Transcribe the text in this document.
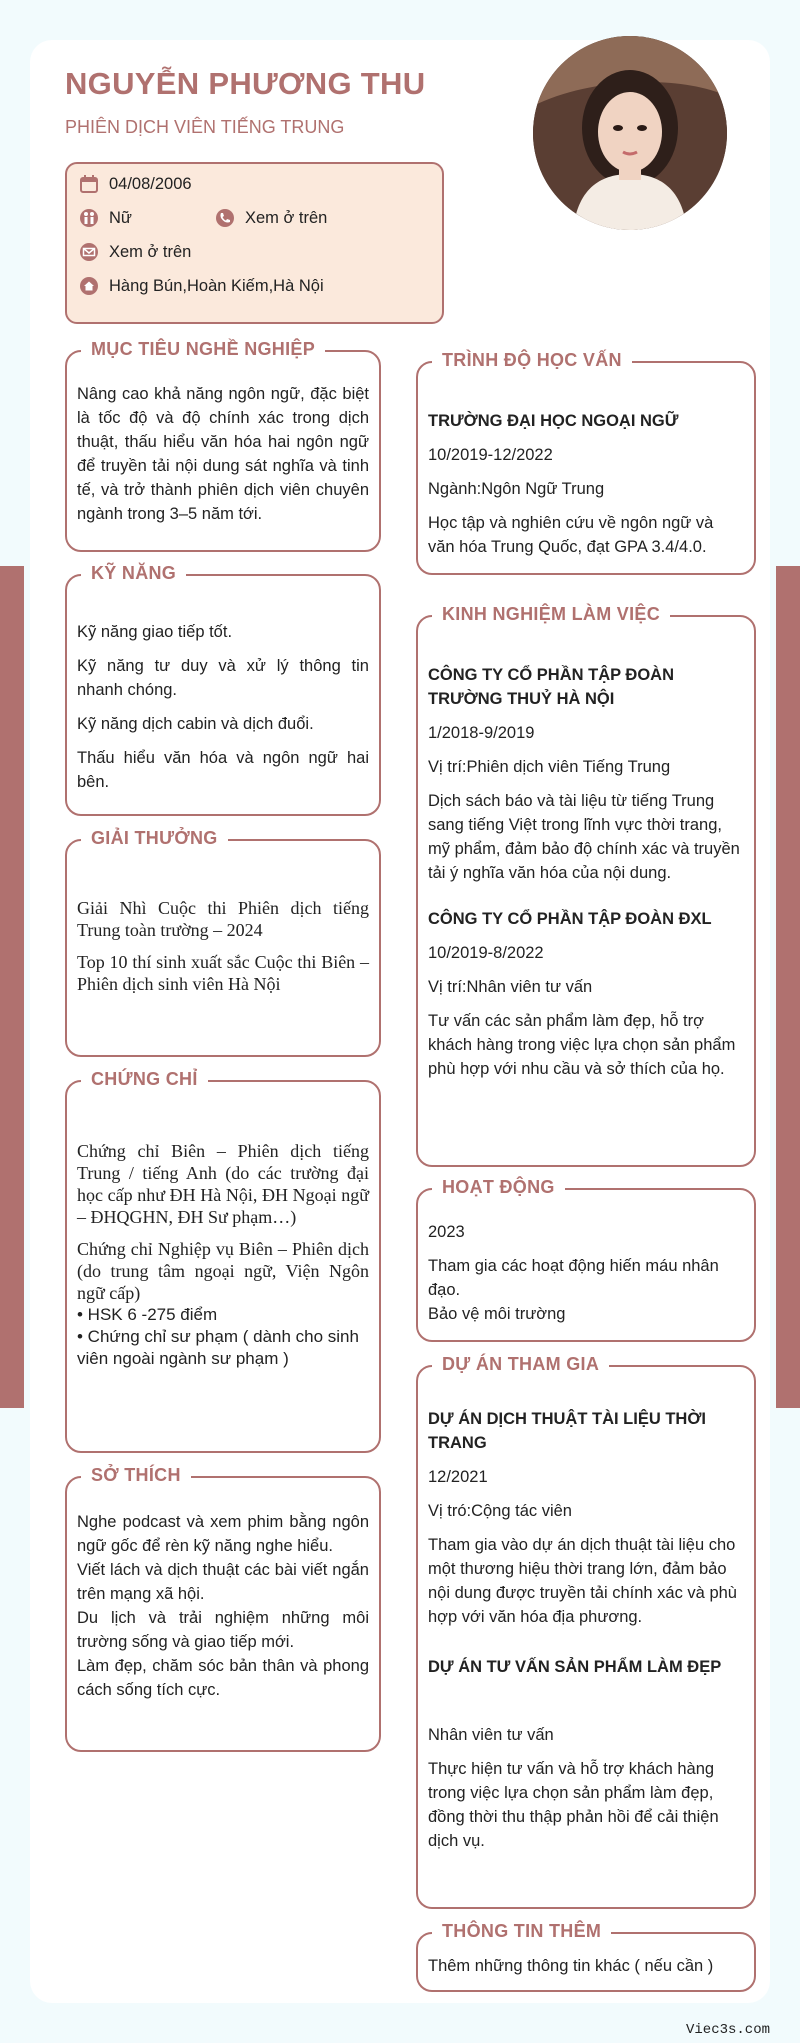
NGUYỄN PHƯƠNG THU
PHIÊN DỊCH VIÊN TIẾNG TRUNG
04/08/2006
Nữ	Xem ở trên
Xem ở trên
Hàng Bún,Hoàn Kiếm,Hà Nội
MỤC TIÊU NGHỀ NGHIỆP

Nâng cao khả năng ngôn ngữ, đặc biệt là tốc độ và độ chính xác trong dịch thuật, thấu hiểu văn hóa hai ngôn ngữ để truyền tải nội dung sát nghĩa và tinh tế, và trở thành phiên dịch viên chuyên ngành trong 3–5 năm tới.

KỸ NĂNG

Kỹ năng giao tiếp tốt.

Kỹ năng tư duy và xử lý thông tin nhanh chóng.

Kỹ năng dịch cabin và dịch đuổi.

Thấu hiểu văn hóa và ngôn ngữ hai bên.

GIẢI THƯỞNG

Giải Nhì Cuộc thi Phiên dịch tiếng Trung toàn trường – 2024

Top 10 thí sinh xuất sắc Cuộc thi Biên – Phiên dịch sinh viên Hà Nội

CHỨNG CHỈ

Chứng chỉ Biên – Phiên dịch tiếng Trung / tiếng Anh (do các trường đại học cấp như ĐH Hà Nội, ĐH Ngoại ngữ – ĐHQGHN, ĐH Sư phạm…)

Chứng chỉ Nghiệp vụ Biên – Phiên dịch (do trung tâm ngoại ngữ, Viện Ngôn ngữ cấp)

• HSK 6 -275 điểm
• Chứng chỉ sư phạm ( dành cho sinh viên ngoài ngành sư phạm )
SỞ THÍCH

Nghe podcast và xem phim bằng ngôn ngữ gốc để rèn kỹ năng nghe hiểu.

Viết lách và dịch thuật các bài viết ngắn trên mạng xã hội.

Du lịch và trải nghiệm những môi trường sống và giao tiếp mới.

Làm đẹp, chăm sóc bản thân và phong cách sống tích cực.

TRÌNH ĐỘ HỌC VẤN

TRƯỜNG ĐẠI HỌC NGOẠI NGỮ

10/2019-12/2022

Ngành:Ngôn Ngữ Trung

Học tập và nghiên cứu về ngôn ngữ và văn hóa Trung Quốc, đạt GPA 3.4/4.0.

KINH NGHIỆM LÀM VIỆC

CÔNG TY CỔ PHẦN TẬP ĐOÀN TRƯỜNG THUỶ HÀ NỘI

1/2018-9/2019

Vị trí:Phiên dịch viên Tiếng Trung

Dịch sách báo và tài liệu từ tiếng Trung sang tiếng Việt trong lĩnh vực thời trang, mỹ phẩm, đảm bảo độ chính xác và truyền tải ý nghĩa văn hóa của nội dung.

CÔNG TY CỔ PHẦN TẬP ĐOÀN ĐXL

10/2019-8/2022

Vị trí:Nhân viên tư vấn

Tư vấn các sản phẩm làm đẹp, hỗ trợ khách hàng trong việc lựa chọn sản phẩm phù hợp với nhu cầu và sở thích của họ.

HOẠT ĐỘNG

2023

Tham gia các hoạt động hiến máu nhân đạo.
Bảo vệ môi trường
DỰ ÁN THAM GIA

DỰ ÁN DỊCH THUẬT TÀI LIỆU THỜI TRANG

12/2021

Vị tró:Cộng tác viên

Tham gia vào dự án dịch thuật tài liệu cho một thương hiệu thời trang lớn, đảm bảo nội dung được truyền tải chính xác và phù hợp với văn hóa địa phương.

DỰ ÁN TƯ VẤN SẢN PHẨM LÀM ĐẸP

Nhân viên tư vấn

Thực hiện tư vấn và hỗ trợ khách hàng trong việc lựa chọn sản phẩm làm đẹp, đồng thời thu thập phản hồi để cải thiện dịch vụ.

THÔNG TIN THÊM
Thêm những thông tin khác ( nếu cần )
Viec3s.com
